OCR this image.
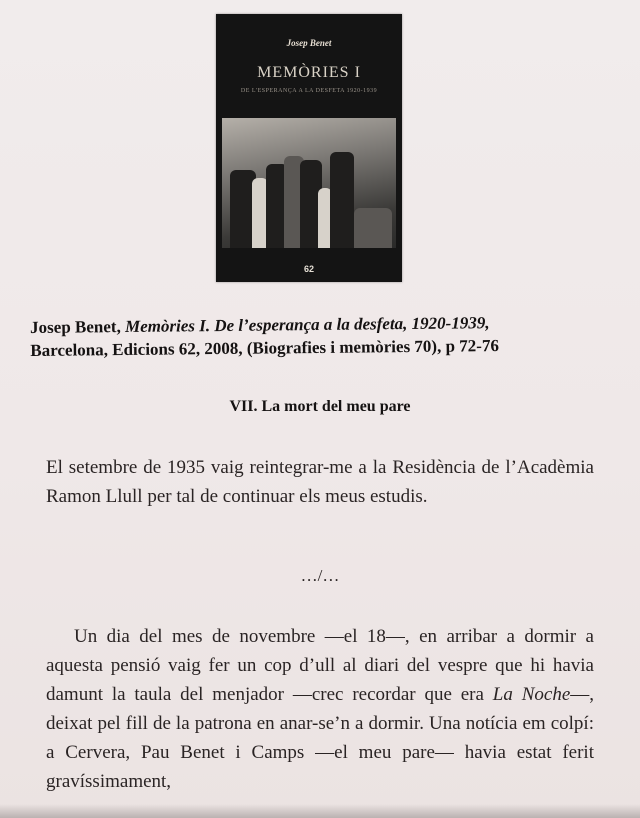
Josep Benet
MEMÒRIES I
DE L'ESPERANÇA A LA DESFETA 1920-1939
62
Josep Benet, Memòries I. De l’esperança a la desfeta, 1920-1939,
Barcelona, Edicions 62, 2008, (Biografies i memòries 70), p 72-76
VII. La mort del meu pare
El setembre de 1935 vaig reintegrar-me a la Residència de l’Acadèmia Ramon Llull per tal de continuar els meus estudis.
…/…
Un dia del mes de novembre —el 18—, en arribar a dormir a aquesta pensió vaig fer un cop d’ull al diari del vespre que hi havia damunt la taula del menjador —crec recordar que era La Noche—, deixat pel fill de la patrona en anar-se’n a dormir. Una notícia em colpí: a Cervera, Pau Benet i Camps —el meu pare— havia estat ferit gravíssimament,
